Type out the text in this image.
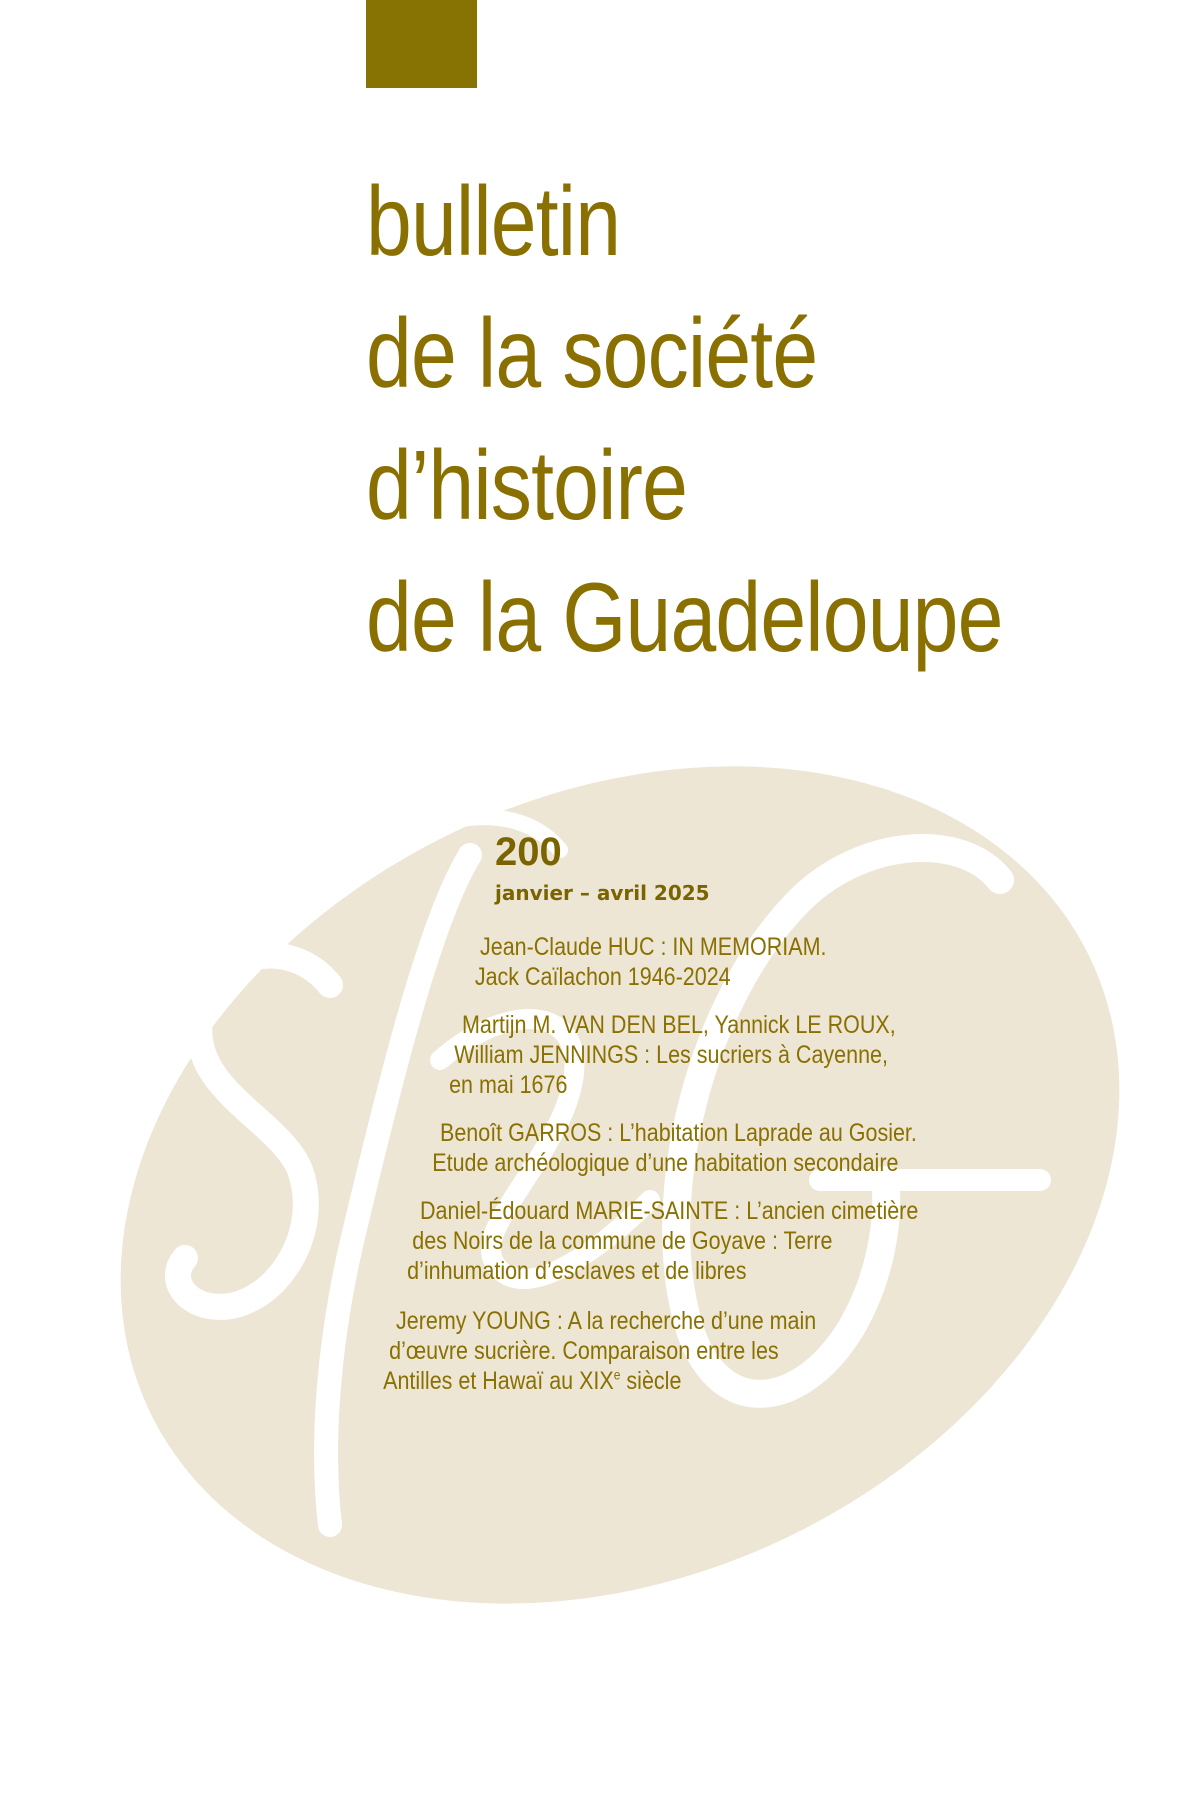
bulletin
de la société
d’histoire
de la Guadeloupe
200
janvier – avril 2025
Jean-Claude HUC : IN MEMORIAM.
Jack Caïlachon 1946-2024
Martijn M. VAN DEN BEL, Yannick LE ROUX,
William JENNINGS : Les sucriers à Cayenne,
en mai 1676
Benoît GARROS : L’habitation Laprade au Gosier.
Etude archéologique d’une habitation secondaire
Daniel-Édouard MARIE-SAINTE : L’ancien cimetière
des Noirs de la commune de Goyave : Terre
d’inhumation d’esclaves et de libres
Jeremy YOUNG : A la recherche d’une main
d’œuvre sucrière. Comparaison entre les
Antilles et Hawaï au XIXe siècle
